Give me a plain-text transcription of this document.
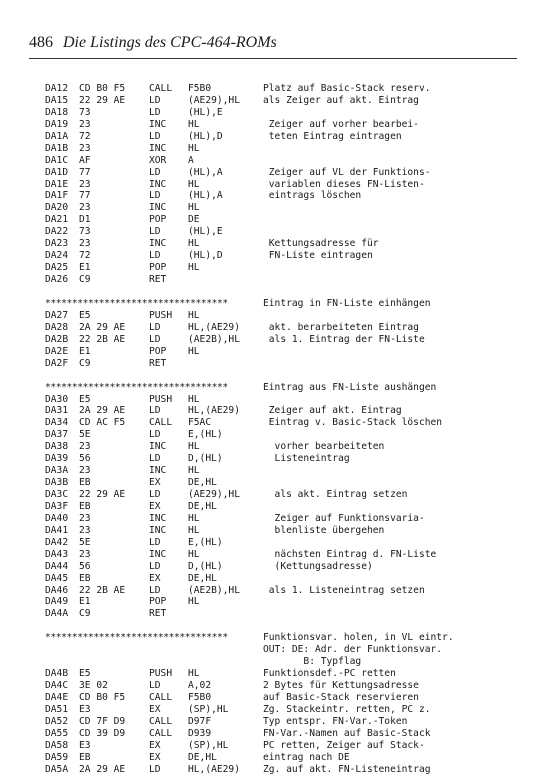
486 Die Listings des CPC-464-ROMs
DA12 CD B0 F5 CALL F5B0	Platz auf Basic-Stack reserv.
DA15 22 29 AE LD	(AE29),HL als Zeiger auf akt. Eintrag
DA18 73	LD	(HL),E
DA19 23	INC HL	Zeiger auf vorher bearbei-
DA1A 72	LD	(HL),D	teten Eintrag eintragen
DA1B 23	INC HL
DA1C AF	XOR A
DA1D 77	LD	(HL),A	Zeiger auf VL der Funktions-
DA1E 23	INC HL	variablen dieses FN-Listen-
DA1F 77	LD	(HL),A	eintrags löschen
DA20 23	INC HL
DA21 D1	POP DE
DA22 73	LD	(HL),E
DA23 23	INC HL	Kettungsadresse für
DA24 72	LD	(HL),D	FN-Liste eintragen
DA25 E1	POP HL
DA26 C9	RET
**********************************	Eintrag in FN-Liste einhängen
DA27 E5	PUSH HL
DA28 2A 29 AE LD	HL,(AE29) akt. berarbeiteten Eintrag
DA2B 22 2B AE LD	(AE2B),HL als 1. Eintrag der FN-Liste
DA2E E1	POP HL
DA2F C9	RET
**********************************	Eintrag aus FN-Liste aushängen
DA30 E5	PUSH HL
DA31 2A 29 AE LD	HL,(AE29) Zeiger auf akt. Eintrag
DA34 CD AC F5 CALL F5AC	Eintrag v. Basic-Stack löschen
DA37 5E	LD	E,(HL)
DA38 23	INC HL	vorher bearbeiteten
DA39 56	LD	D,(HL)	Listeneintrag
DA3A 23	INC HL
DA3B EB	EX	DE,HL
DA3C 22 29 AE LD	(AE29),HL als akt. Eintrag setzen
DA3F EB	EX	DE,HL
DA40 23	INC HL	Zeiger auf Funktionsvaria-
DA41 23	INC HL	blenliste übergehen
DA42 5E	LD	E,(HL)
DA43 23	INC HL	nächsten Eintrag d. FN-Liste
DA44 56	LD	D,(HL)	(Kettungsadresse)
DA45 EB	EX	DE,HL
DA46 22 2B AE LD	(AE2B),HL als 1. Listeneintrag setzen
DA49 E1	POP HL
DA4A C9	RET
**********************************	Funktionsvar. holen, in VL eintr.
OUT: DE: Adr. der Funktionsvar.
B: Typflag
DA4B E5	PUSH HL	Funktionsdef.-PC retten
DA4C 3E 02	LD	A,02	2 Bytes für Kettungsadresse
DA4E CD B0 F5 CALL F5B0	auf Basic-Stack reservieren
DA51 E3	EX	(SP),HL	Zg. Stackeintr. retten, PC z.
DA52 CD 7F D9 CALL D97F	Typ entspr. FN-Var.-Token
DA55 CD 39 D9 CALL D939	FN-Var.-Namen auf Basic-Stack
DA58 E3	EX	(SP),HL	PC retten, Zeiger auf Stack-
DA59 EB	EX	DE,HL	eintrag nach DE
DA5A 2A 29 AE LD	HL,(AE29) Zg. auf akt. FN-Listeneintrag
